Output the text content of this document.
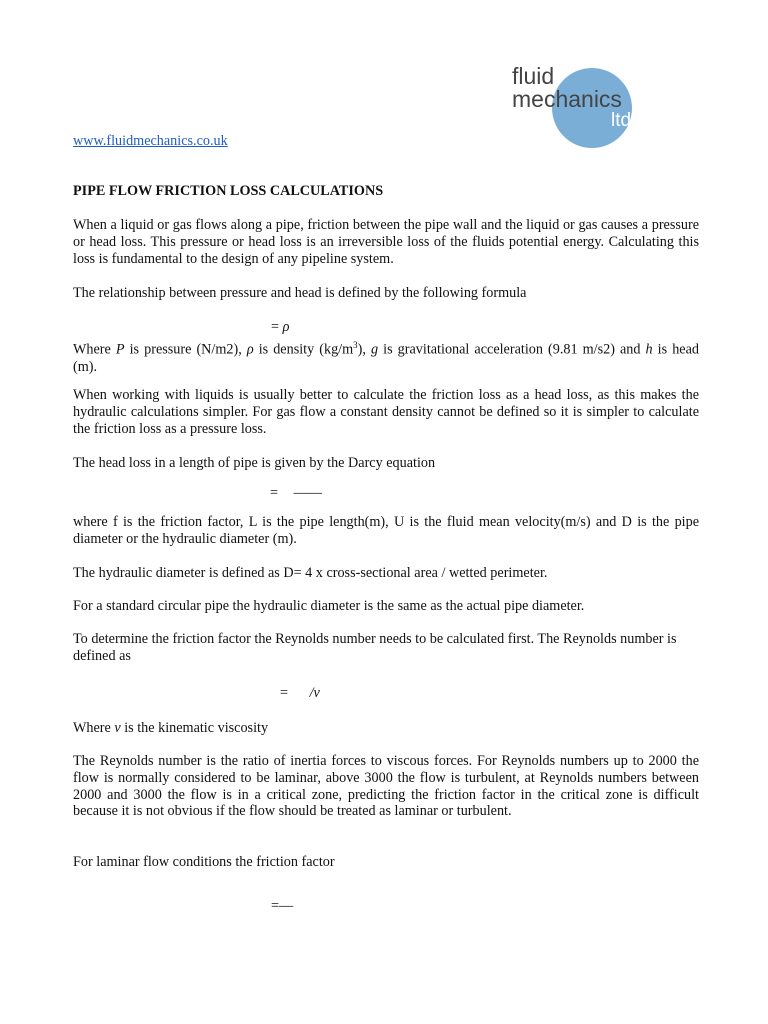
fluid
mechanics
ltd
www.fluidmechanics.co.uk
PIPE FLOW FRICTION LOSS CALCULATIONS
When a liquid or gas flows along a pipe, friction between the pipe wall and the liquid or gas causes a pressure or head loss. This pressure or head loss is an irreversible loss of the fluids potential energy. Calculating this loss is fundamental to the design of any pipeline system.
The relationship between pressure and head is defined by the following formula
= ρ
Where P is pressure (N/m2), ρ is density $(kg/m^3)$, g is gravitational acceleration (9.81 m/s2) and h is head (m).
When working with liquids is usually better to calculate the friction loss as a head loss, as this makes the hydraulic calculations simpler. For gas flow a constant density cannot be defined so it is simpler to calculate the friction loss as a pressure loss.
The head loss in a length of pipe is given by the Darcy equation
= ——
where f is the friction factor, L is the pipe length(m), U is the fluid mean velocity(m/s) and D is the pipe diameter or the hydraulic diameter (m).
The hydraulic diameter is defined as D= 4 x cross-sectional area / wetted perimeter.
For a standard circular pipe the hydraulic diameter is the same as the actual pipe diameter.
To determine the friction factor the Reynolds number needs to be calculated first. The Reynolds number is defined as
= /ν
Where ν is the kinematic viscosity
The Reynolds number is the ratio of inertia forces to viscous forces. For Reynolds numbers up to 2000 the flow is normally considered to be laminar, above 3000 the flow is turbulent, at Reynolds numbers between 2000 and 3000 the flow is in a critical zone, predicting the friction factor in the critical zone is difficult because it is not obvious if the flow should be treated as laminar or turbulent.
For laminar flow conditions the friction factor
=—
